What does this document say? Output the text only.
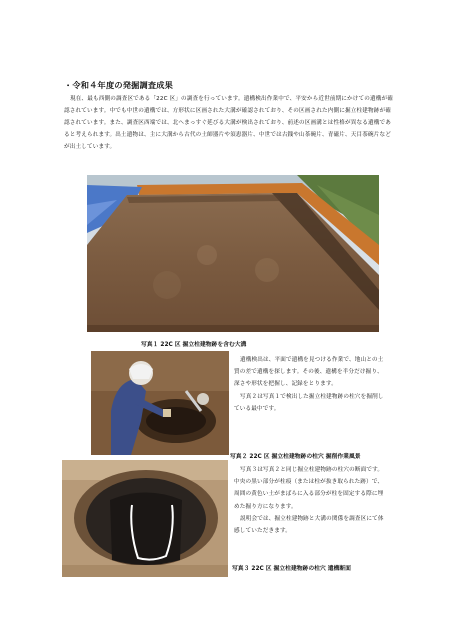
・令和４年度の発掘調査成果

現在、最も西側の調査区である「22C 区」の調査を行っています。遺構検出作業中で、平安から近世前期にかけての遺構が確認されています。中でも中世の遺構では、方形状に区画された大溝が確認されており、その区画された内側に掘立柱建物跡が確認されています。また、調査区西端では、北へまっすぐ延びる大溝が検出されており、前述の区画溝とは性格が異なる遺構であると考えられます。出土遺物は、主に大溝から古代の土師器片や須恵器片、中世では古銭や山茶碗片、青磁片、天目茶碗片などが出土しています。

写真１ 22C 区 掘立柱建物跡を含む大溝

遺構検出は、平面で遺構を見つける作業で、地山との土質の差で遺構を探します。その後、遺構を半分だけ掘り、深さや形状を把握し、記録をとります。

写真２は写真１で検出した掘立柱建物跡の柱穴を掘削している最中です。

写真２ 22C 区 掘立柱建物跡の柱穴 掘削作業風景

写真３は写真２と同じ掘立柱建物跡の柱穴の断面です。中央の黒い部分が柱痕（または柱が抜き取られた跡）で、周囲の黄色い土がまばらに入る部分が柱を固定する際に埋めた掘り方になります。

説明会では、掘立柱建物跡と大溝の関係を調査区にて体感していただきます。

写真３ 22C 区 掘立柱建物跡の柱穴 遺構断面
